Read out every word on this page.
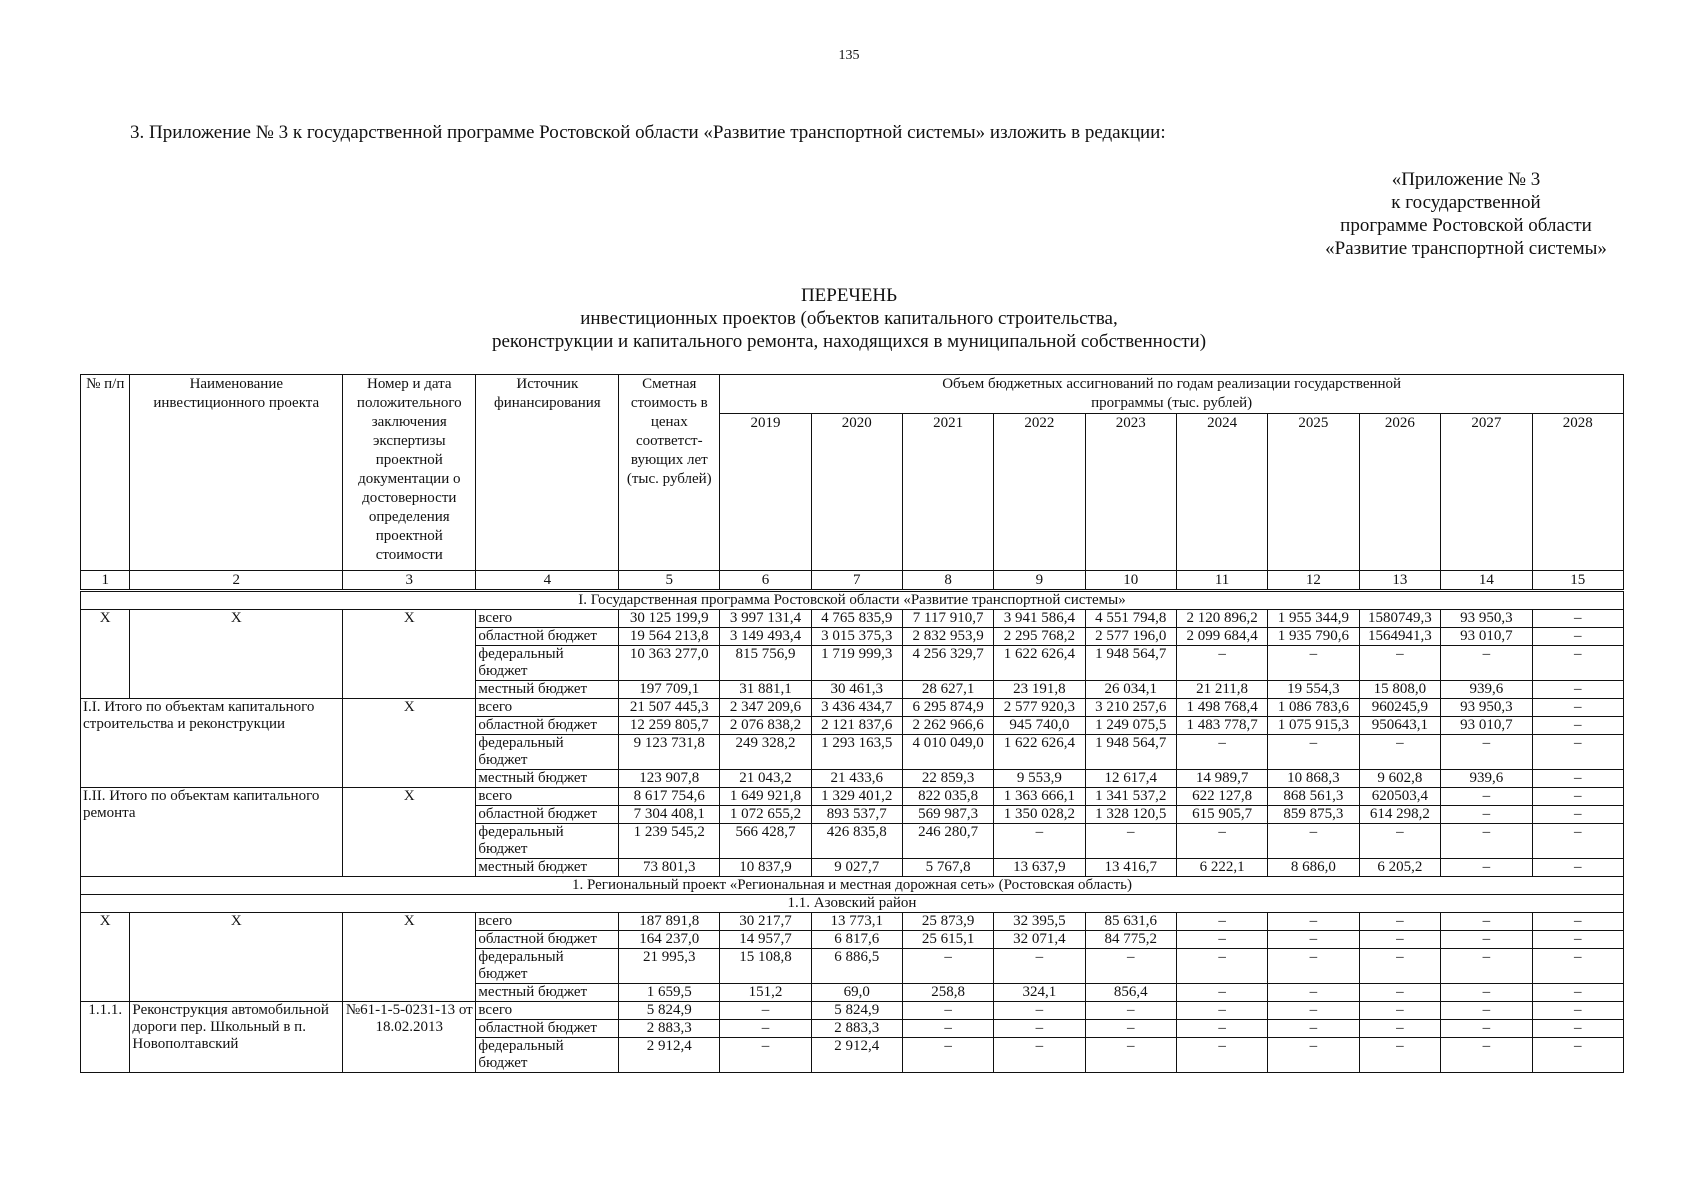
135
3. Приложение № 3 к государственной программе Ростовской области «Развитие транспортной системы» изложить в редакции:
«Приложение № 3
к государственной
программе Ростовской области
«Развитие транспортной системы»
ПЕРЕЧЕНЬ
инвестиционных проектов (объектов капитального строительства,
реконструкции и капитального ремонта, находящихся в муниципальной собственности)
№ п/п	Наименование инвестиционного проекта	Номер и дата положительного заключения экспертизы проектной документации о достоверности определения проектной стоимости	Источник финансирования	Сметная стоимость в ценах соответст-вующих лет (тыс. рублей)	Объем бюджетных ассигнований по годам реализации государственной программы (тыс. рублей)									
					2019	2020	2021	2022	2023	2024	2025	2026	2027	2028
1	2	3	4	5	6	7	8	9	10	11	12	13	14	15
I. Государственная программа Ростовской области «Развитие транспортной системы»														
X	X	X	всего	30 125 199,9	3 997 131,4	4 765 835,9	7 117 910,7	3 941 586,4	4 551 794,8	2 120 896,2	1 955 344,9	1580749,3	93 950,3	–
			областной бюджет	19 564 213,8	3 149 493,4	3 015 375,3	2 832 953,9	2 295 768,2	2 577 196,0	2 099 684,4	1 935 790,6	1564941,3	93 010,7	–
			федеральный бюджет	10 363 277,0	815 756,9	1 719 999,3	4 256 329,7	1 622 626,4	1 948 564,7	–	–	–	–	–
			местный бюджет	197 709,1	31 881,1	30 461,3	28 627,1	23 191,8	26 034,1	21 211,8	19 554,3	15 808,0	939,6	–
I.I. Итого по объектам капитального строительства и реконструкции		X	всего	21 507 445,3	2 347 209,6	3 436 434,7	6 295 874,9	2 577 920,3	3 210 257,6	1 498 768,4	1 086 783,6	960245,9	93 950,3	–
			областной бюджет	12 259 805,7	2 076 838,2	2 121 837,6	2 262 966,6	945 740,0	1 249 075,5	1 483 778,7	1 075 915,3	950643,1	93 010,7	–
			федеральный бюджет	9 123 731,8	249 328,2	1 293 163,5	4 010 049,0	1 622 626,4	1 948 564,7	–	–	–	–	–
			местный бюджет	123 907,8	21 043,2	21 433,6	22 859,3	9 553,9	12 617,4	14 989,7	10 868,3	9 602,8	939,6	–
I.II. Итого по объектам капитального ремонта		X	всего	8 617 754,6	1 649 921,8	1 329 401,2	822 035,8	1 363 666,1	1 341 537,2	622 127,8	868 561,3	620503,4	–	–
			областной бюджет	7 304 408,1	1 072 655,2	893 537,7	569 987,3	1 350 028,2	1 328 120,5	615 905,7	859 875,3	614 298,2	–	–
			федеральный бюджет	1 239 545,2	566 428,7	426 835,8	246 280,7	–	–	–	–	–	–	–
			местный бюджет	73 801,3	10 837,9	9 027,7	5 767,8	13 637,9	13 416,7	6 222,1	8 686,0	6 205,2	–	–
1. Региональный проект «Региональная и местная дорожная сеть» (Ростовская область)														
1.1. Азовский район														
X	X	X	всего	187 891,8	30 217,7	13 773,1	25 873,9	32 395,5	85 631,6	–	–	–	–	–
			областной бюджет	164 237,0	14 957,7	6 817,6	25 615,1	32 071,4	84 775,2	–	–	–	–	–
			федеральный бюджет	21 995,3	15 108,8	6 886,5	–	–	–	–	–	–	–	–
			местный бюджет	1 659,5	151,2	69,0	258,8	324,1	856,4	–	–	–	–	–
1.1.1.	Реконструкция автомобильной дороги пер. Школьный в п. Новополтавский	№61-1-5-0231-13 от 18.02.2013	всего	5 824,9	–	5 824,9	–	–	–	–	–	–	–	–
			областной бюджет	2 883,3	–	2 883,3	–	–	–	–	–	–	–	–
			федеральный бюджет	2 912,4	–	2 912,4	–	–	–	–	–	–	–	–
